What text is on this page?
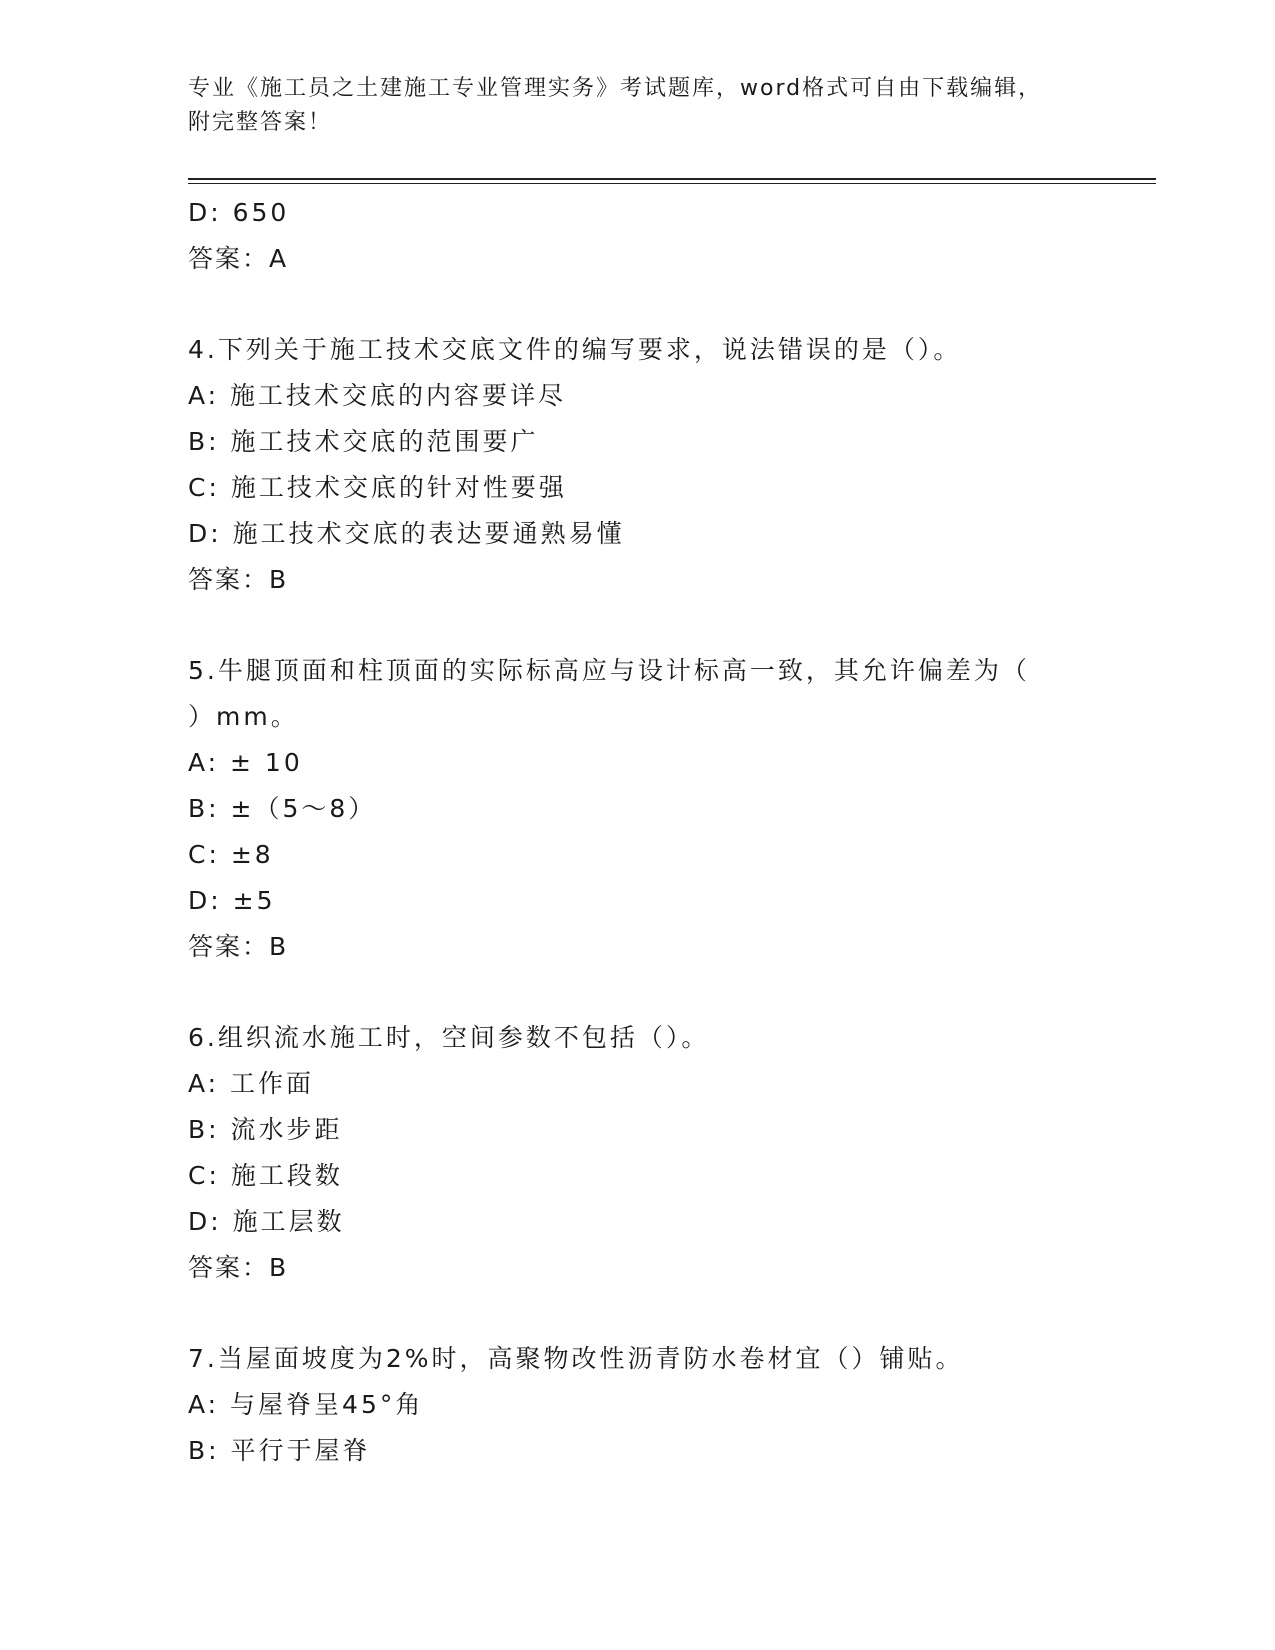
专业《施工员之土建施工专业管理实务》考试题库，word格式可自由下载编辑，
附完整答案！
D: 650
答案：A
4.下列关于施工技术交底文件的编写要求，说法错误的是（）。
A: 施工技术交底的内容要详尽
B: 施工技术交底的范围要广
C: 施工技术交底的针对性要强
D: 施工技术交底的表达要通熟易懂
答案：B
5.牛腿顶面和柱顶面的实际标高应与设计标高一致，其允许偏差为（
）mm。
A: ± 10
B: ±（5～8）
C: ±8
D: ±5
答案：B
6.组织流水施工时，空间参数不包括（）。
A: 工作面
B: 流水步距
C: 施工段数
D: 施工层数
答案：B
7.当屋面坡度为2%时，高聚物改性沥青防水卷材宜（）铺贴。
A: 与屋脊呈45°角
B: 平行于屋脊
